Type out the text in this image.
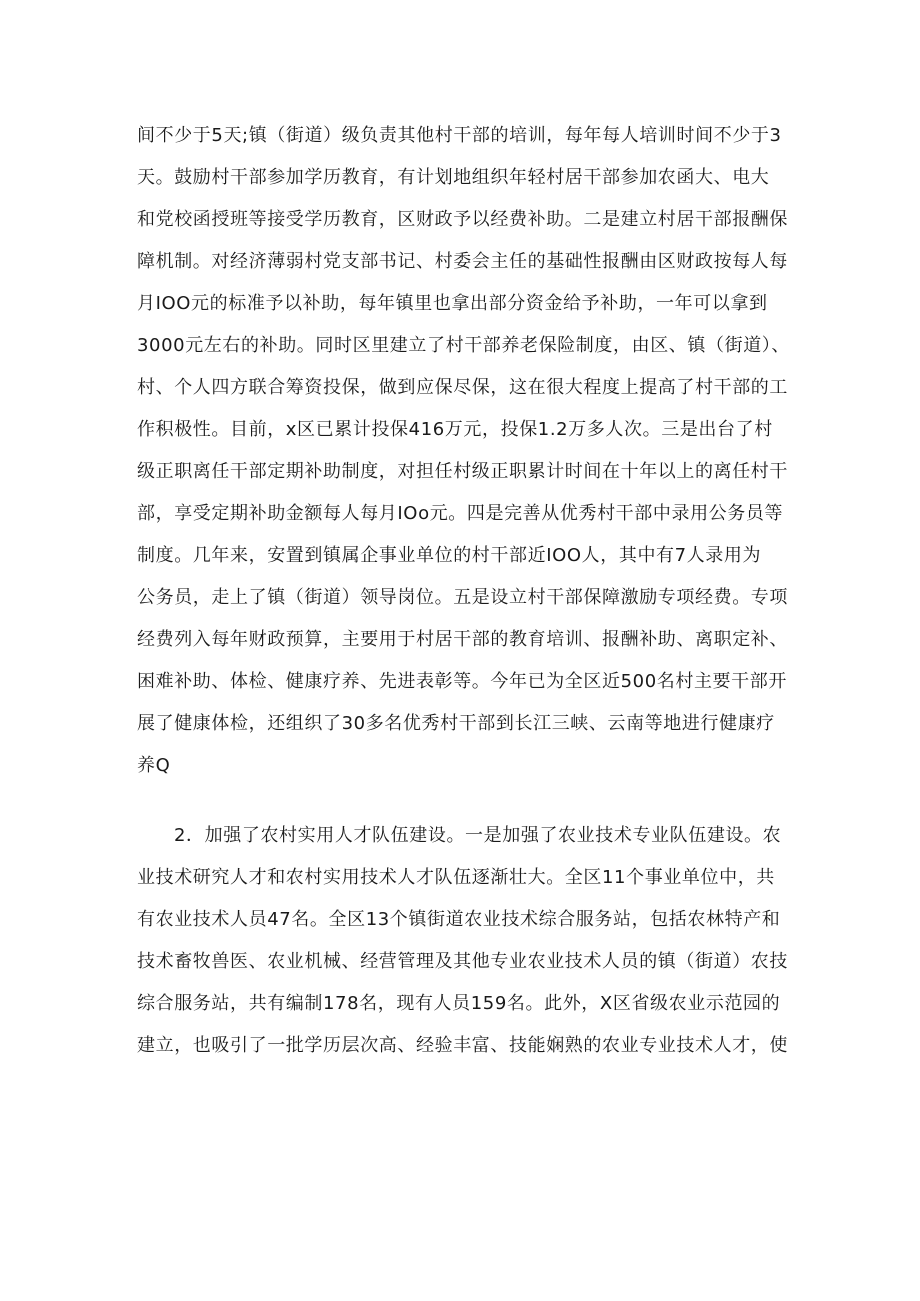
间不少于5天;镇（街道）级负责其他村干部的培训，每年每人培训时间不少于3
天。鼓励村干部参加学历教育，有计划地组织年轻村居干部参加农函大、电大
和党校函授班等接受学历教育，区财政予以经费补助。二是建立村居干部报酬保
障机制。对经济薄弱村党支部书记、村委会主任的基础性报酬由区财政按每人每
月IOO元的标准予以补助，每年镇里也拿出部分资金给予补助，一年可以拿到
3000元左右的补助。同时区里建立了村干部养老保险制度，由区、镇（街道）、
村、个人四方联合筹资投保，做到应保尽保，这在很大程度上提高了村干部的工
作积极性。目前，x区已累计投保416万元，投保1.2万多人次。三是出台了村
级正职离任干部定期补助制度，对担任村级正职累计时间在十年以上的离任村干
部，享受定期补助金额每人每月IOo元。四是完善从优秀村干部中录用公务员等
制度。几年来，安置到镇属企事业单位的村干部近IOO人，其中有7人录用为
公务员，走上了镇（街道）领导岗位。五是设立村干部保障激励专项经费。专项
经费列入每年财政预算，主要用于村居干部的教育培训、报酬补助、离职定补、
困难补助、体检、健康疗养、先进表彰等。今年已为全区近500名村主要干部开
展了健康体检，还组织了30多名优秀村干部到长江三峡、云南等地进行健康疗
养Q
2．加强了农村实用人才队伍建设。一是加强了农业技术专业队伍建设。农
业技术研究人才和农村实用技术人才队伍逐渐壮大。全区11个事业单位中，共
有农业技术人员47名。全区13个镇街道农业技术综合服务站，包括农林特产和
技术畜牧兽医、农业机械、经营管理及其他专业农业技术人员的镇（街道）农技
综合服务站，共有编制178名，现有人员159名。此外，X区省级农业示范园的
建立，也吸引了一批学历层次高、经验丰富、技能娴熟的农业专业技术人才，使
